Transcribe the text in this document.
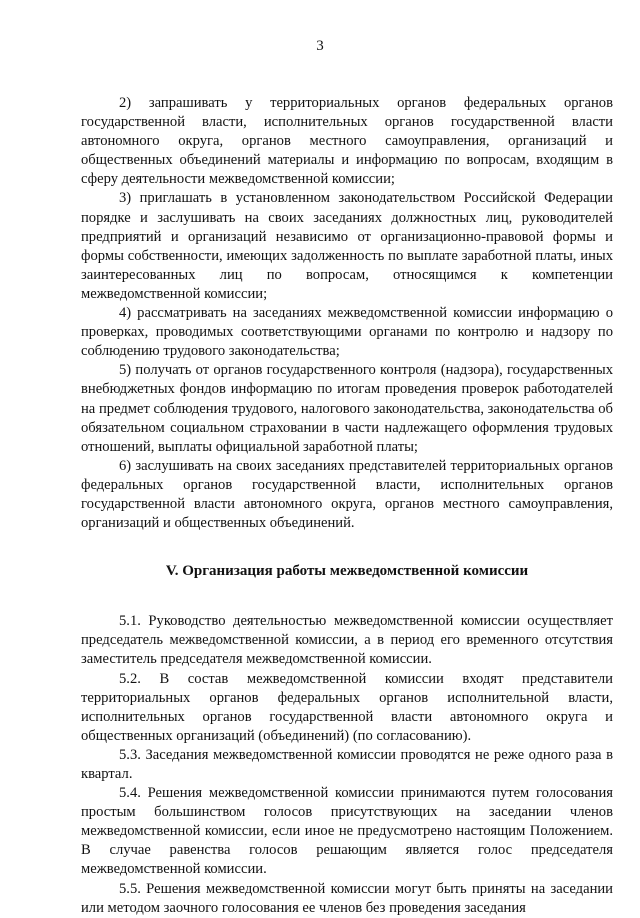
3

2) запрашивать у территориальных органов федеральных органов государственной власти, исполнительных органов государственной власти автономного округа, органов местного самоуправления, организаций и общественных объединений материалы и информацию по вопросам, входящим в сферу деятельности межведомственной комиссии;

3) приглашать в установленном законодательством Российской Федерации порядке и заслушивать на своих заседаниях должностных лиц, руководителей предприятий и организаций независимо от организационно-правовой формы и формы собственности, имеющих задолженность по выплате заработной платы, иных заинтересованных лиц по вопросам, относящимся к компетенции межведомственной комиссии;

4) рассматривать на заседаниях межведомственной комиссии информацию о проверках, проводимых соответствующими органами по контролю и надзору по соблюдению трудового законодательства;

5) получать от органов государственного контроля (надзора), государственных внебюджетных фондов информацию по итогам проведения проверок работодателей на предмет соблюдения трудового, налогового законодательства, законодательства об обязательном социальном страховании в части надлежащего оформления трудовых отношений, выплаты официальной заработной платы;

6) заслушивать на своих заседаниях представителей территориальных органов федеральных органов государственной власти, исполнительных органов государственной власти автономного округа, органов местного самоуправления, организаций и общественных объединений.

V. Организация работы межведомственной комиссии

5.1. Руководство деятельностью межведомственной комиссии осуществляет председатель межведомственной комиссии, а в период его временного отсутствия заместитель председателя межведомственной комиссии.

5.2. В состав межведомственной комиссии входят представители территориальных органов федеральных органов исполнительной власти, исполнительных органов государственной власти автономного округа и общественных организаций (объединений) (по согласованию).

5.3. Заседания межведомственной комиссии проводятся не реже одного раза в квартал.

5.4. Решения межведомственной комиссии принимаются путем голосования простым большинством голосов присутствующих на заседании членов межведомственной комиссии, если иное не предусмотрено настоящим Положением. В случае равенства голосов решающим является голос председателя межведомственной комиссии.

5.5. Решения межведомственной комиссии могут быть приняты на заседании или методом заочного голосования ее членов без проведения заседания
